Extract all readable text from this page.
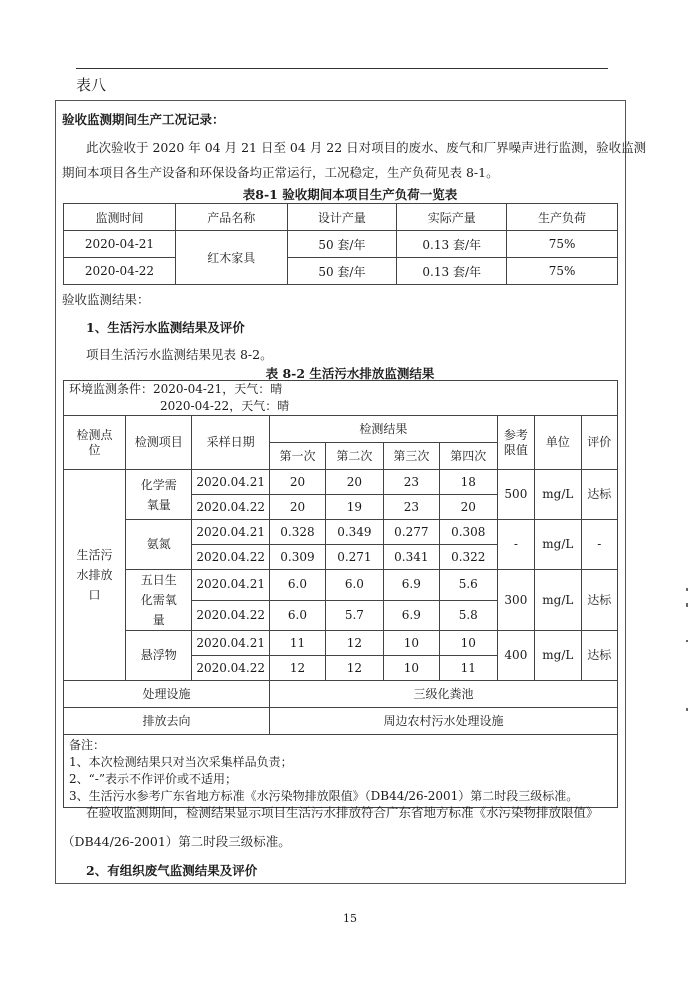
表八
验收监测期间生产工况记录：
此次验收于 2020 年 04 月 21 日至 04 月 22 日对项目的废水、废气和厂界噪声进行监测，验收监测
期间本项目各生产设备和环保设备均正常运行，工况稳定，生产负荷见表 8-1。
表8-1 验收期间本项目生产负荷一览表
监测时间	产品名称	设计产量	实际产量	生产负荷
2020-04-21	红木家具	50 套/年	0.13 套/年	75%
2020-04-22		50 套/年	0.13 套/年	75%
验收监测结果：
1、生活污水监测结果及评价
项目生活污水监测结果见表 8-2。
表 8-2 生活污水排放监测结果
环境监测条件：2020-04-21，天气：晴
2020-04-22，天气：晴									

检测点位	检测项目	采样日期	检测结果				参考限值	单位	评价
			第一次	第二次	第三次	第四次			
生活污水排放口	化学需氧量	2020.04.21	20	20	23	18	500	mg/L	达标
		2020.04.22	20	19	23	20			
	氨氮	2020.04.21	0.328	0.349	0.277	0.308	-	mg/L	-
		2020.04.22	0.309	0.271	0.341	0.322			
	五日生化需氧量	2020.04.21	6.0	6.0	6.9	5.6	300	mg/L	达标
		2020.04.22	6.0	5.7	6.9	5.8			
	悬浮物	2020.04.21	11	12	10	10	400	mg/L	达标
		2020.04.22	12	12	10	11			
处理设施			三级化粪池						
排放去向			周边农村污水处理设施						

备注：
1、本次检测结果只对当次采集样品负责；
2、“-”表示不作评价或不适用；
3、生活污水参考广东省地方标准《水污染物排放限值》（DB44/26-2001）第二时段三级标准。									
在验收监测期间，检测结果显示项目生活污水排放符合广东省地方标准《水污染物排放限值》
（DB44/26-2001）第二时段三级标准。
2、有组织废气监测结果及评价
15
